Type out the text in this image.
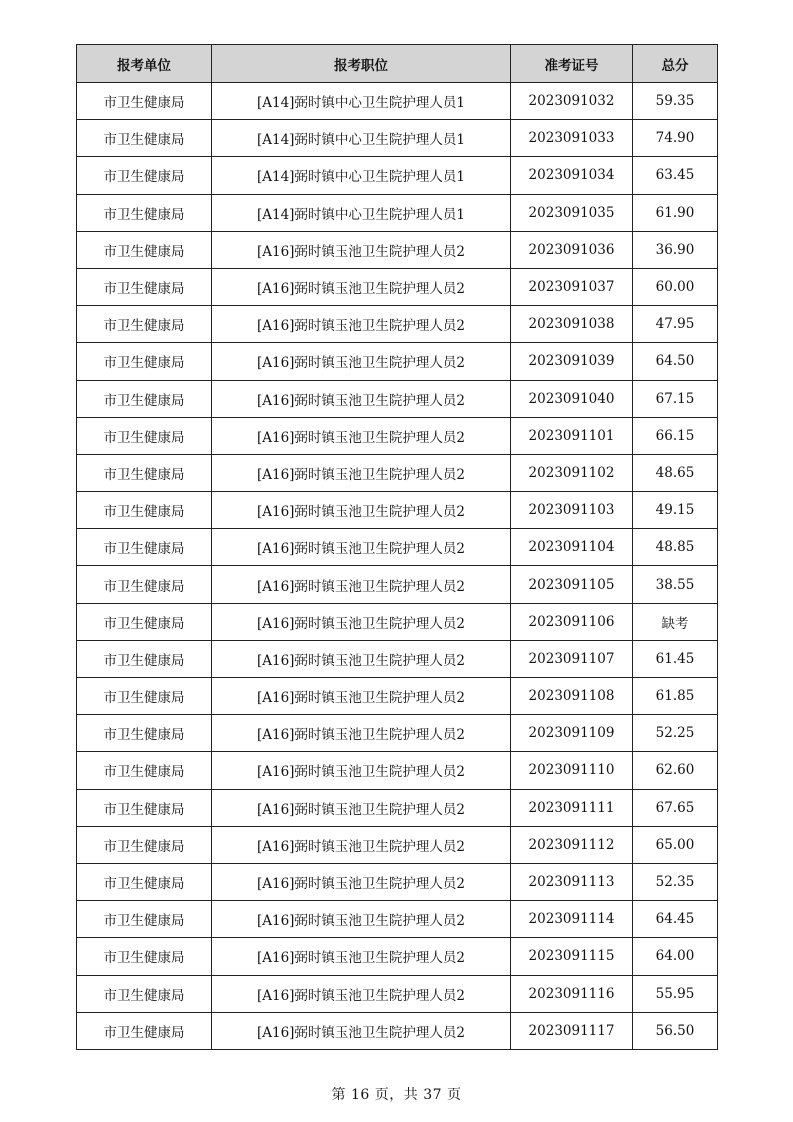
报考单位	报考职位	准考证号	总分
市卫生健康局	[A14]弼时镇中心卫生院护理人员1	2023091032	59.35
市卫生健康局	[A14]弼时镇中心卫生院护理人员1	2023091033	74.90
市卫生健康局	[A14]弼时镇中心卫生院护理人员1	2023091034	63.45
市卫生健康局	[A14]弼时镇中心卫生院护理人员1	2023091035	61.90
市卫生健康局	[A16]弼时镇玉池卫生院护理人员2	2023091036	36.90
市卫生健康局	[A16]弼时镇玉池卫生院护理人员2	2023091037	60.00
市卫生健康局	[A16]弼时镇玉池卫生院护理人员2	2023091038	47.95
市卫生健康局	[A16]弼时镇玉池卫生院护理人员2	2023091039	64.50
市卫生健康局	[A16]弼时镇玉池卫生院护理人员2	2023091040	67.15
市卫生健康局	[A16]弼时镇玉池卫生院护理人员2	2023091101	66.15
市卫生健康局	[A16]弼时镇玉池卫生院护理人员2	2023091102	48.65
市卫生健康局	[A16]弼时镇玉池卫生院护理人员2	2023091103	49.15
市卫生健康局	[A16]弼时镇玉池卫生院护理人员2	2023091104	48.85
市卫生健康局	[A16]弼时镇玉池卫生院护理人员2	2023091105	38.55
市卫生健康局	[A16]弼时镇玉池卫生院护理人员2	2023091106	缺考
市卫生健康局	[A16]弼时镇玉池卫生院护理人员2	2023091107	61.45
市卫生健康局	[A16]弼时镇玉池卫生院护理人员2	2023091108	61.85
市卫生健康局	[A16]弼时镇玉池卫生院护理人员2	2023091109	52.25
市卫生健康局	[A16]弼时镇玉池卫生院护理人员2	2023091110	62.60
市卫生健康局	[A16]弼时镇玉池卫生院护理人员2	2023091111	67.65
市卫生健康局	[A16]弼时镇玉池卫生院护理人员2	2023091112	65.00
市卫生健康局	[A16]弼时镇玉池卫生院护理人员2	2023091113	52.35
市卫生健康局	[A16]弼时镇玉池卫生院护理人员2	2023091114	64.45
市卫生健康局	[A16]弼时镇玉池卫生院护理人员2	2023091115	64.00
市卫生健康局	[A16]弼时镇玉池卫生院护理人员2	2023091116	55.95
市卫生健康局	[A16]弼时镇玉池卫生院护理人员2	2023091117	56.50
第 16 页，共 37 页
